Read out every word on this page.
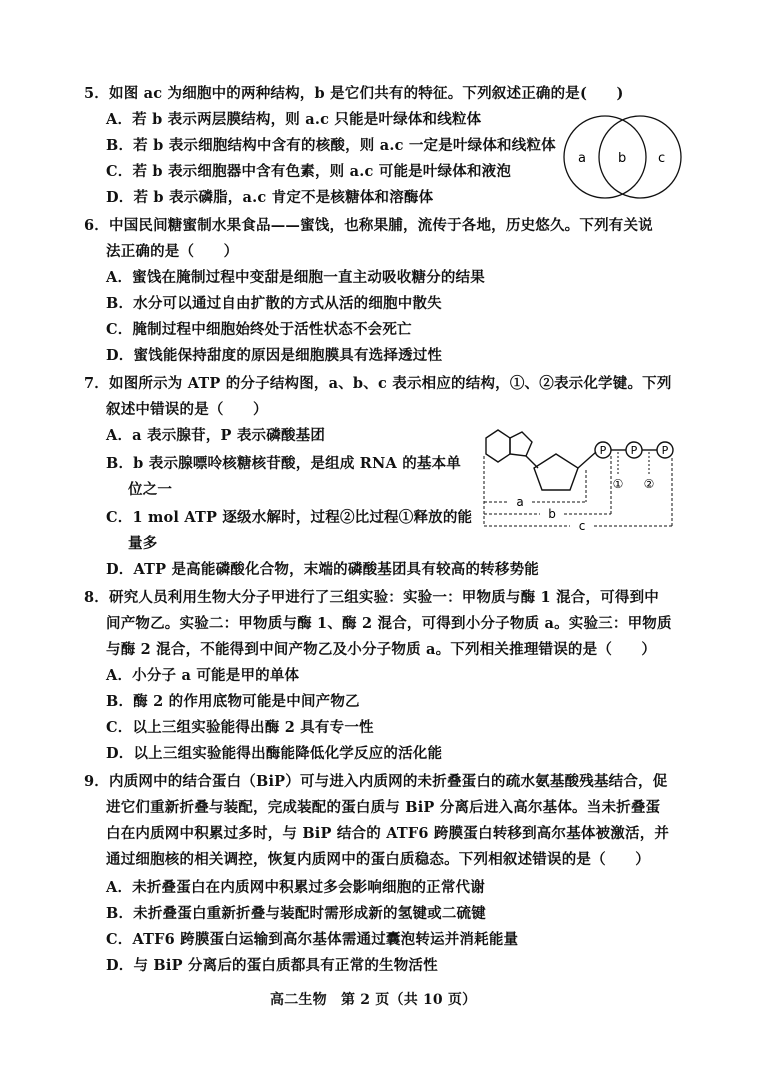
5．如图 ac 为细胞中的两种结构，b 是它们共有的特征。下列叙述正确的是(　　)
A．若 b 表示两层膜结构，则 a.c 只能是叶绿体和线粒体
B．若 b 表示细胞结构中含有的核酸，则 a.c 一定是叶绿体和线粒体
C．若 b 表示细胞器中含有色素，则 a.c 可能是叶绿体和液泡
D．若 b 表示磷脂，a.c 肯定不是核糖体和溶酶体
a b c
6．中国民间糖蜜制水果食品——蜜饯，也称果脯，流传于各地，历史悠久。下列有关说
法正确的是（　　）
A．蜜饯在腌制过程中变甜是细胞一直主动吸收糖分的结果
B．水分可以通过自由扩散的方式从活的细胞中散失
C．腌制过程中细胞始终处于活性状态不会死亡
D．蜜饯能保持甜度的原因是细胞膜具有选择透过性
7．如图所示为 ATP 的分子结构图，a、b、c 表示相应的结构，①、②表示化学键。下列
叙述中错误的是（　　）
A．a 表示腺苷，P 表示磷酸基团
B．b 表示腺嘌呤核糖核苷酸，是组成 RNA 的基本单
位之一
C．1 mol ATP 逐级水解时，过程②比过程①释放的能
量多
D．ATP 是高能磷酸化合物，末端的磷酸基团具有较高的转移势能
P P P
① ②
a
b
c
8．研究人员利用生物大分子甲进行了三组实验：实验一：甲物质与酶 1 混合，可得到中
间产物乙。实验二：甲物质与酶 1、酶 2 混合，可得到小分子物质 a。实验三：甲物质
与酶 2 混合，不能得到中间产物乙及小分子物质 a。下列相关推理错误的是（　　）
A．小分子 a 可能是甲的单体
B．酶 2 的作用底物可能是中间产物乙
C．以上三组实验能得出酶 2 具有专一性
D．以上三组实验能得出酶能降低化学反应的活化能
9．内质网中的结合蛋白（BiP）可与进入内质网的未折叠蛋白的疏水氨基酸残基结合，促
进它们重新折叠与装配，完成装配的蛋白质与 BiP 分离后进入高尔基体。当未折叠蛋
白在内质网中积累过多时，与 BiP 结合的 ATF6 跨膜蛋白转移到高尔基体被激活，并
通过细胞核的相关调控，恢复内质网中的蛋白质稳态。下列相叙述错误的是（　　）
A．未折叠蛋白在内质网中积累过多会影响细胞的正常代谢
B．未折叠蛋白重新折叠与装配时需形成新的氢键或二硫键
C．ATF6 跨膜蛋白运输到高尔基体需通过囊泡转运并消耗能量
D．与 BiP 分离后的蛋白质都具有正常的生物活性
高二生物　第 2 页（共 10 页）
